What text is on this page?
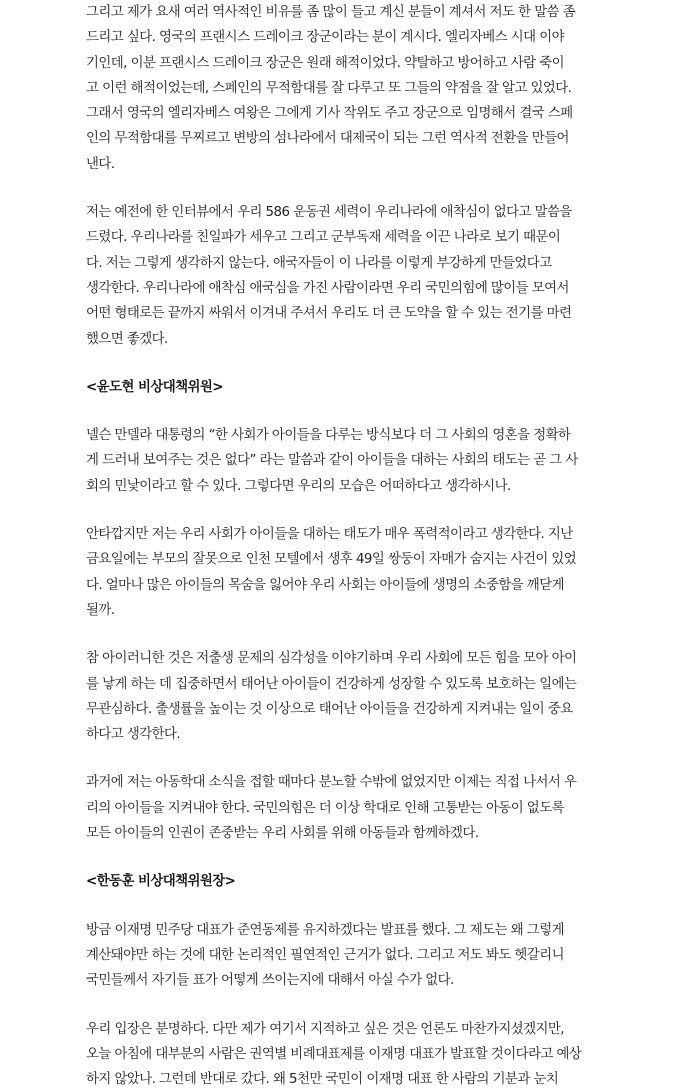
그리고 제가 요새 여러 역사적인 비유를 좀 많이 들고 계신 분들이 계셔서 저도 한 말씀 좀
드리고 싶다. 영국의 프랜시스 드레이크 장군이라는 분이 계시다. 엘리자베스 시대 이야
기인데, 이분 프랜시스 드레이크 장군은 원래 해적이었다. 약탈하고 방어하고 사람 죽이
고 이런 해적이었는데, 스페인의 무적함대를 잘 다루고 또 그들의 약점을 잘 알고 있었다.
그래서 영국의 엘리자베스 여왕은 그에게 기사 작위도 주고 장군으로 임명해서 결국 스페
인의 무적함대를 무찌르고 변방의 섬나라에서 대제국이 되는 그런 역사적 전환을 만들어
낸다.
저는 예전에 한 인터뷰에서 우리 586 운동권 세력이 우리나라에 애착심이 없다고 말씀을
드렸다. 우리나라를 친일파가 세우고 그리고 군부독재 세력을 이끈 나라로 보기 때문이
다. 저는 그렇게 생각하지 않는다. 애국자들이 이 나라를 이렇게 부강하게 만들었다고
생각한다. 우리나라에 애착심 애국심을 가진 사람이라면 우리 국민의힘에 많이들 모여서
어떤 형태로든 끝까지 싸워서 이겨내 주셔서 우리도 더 큰 도약을 할 수 있는 전기를 마련
했으면 좋겠다.
<윤도현 비상대책위원>
넬슨 만델라 대통령의 “한 사회가 아이들을 다루는 방식보다 더 그 사회의 영혼을 정확하
게 드러내 보여주는 것은 없다” 라는 말씀과 같이 아이들을 대하는 사회의 태도는 곧 그 사
회의 민낯이라고 할 수 있다. 그렇다면 우리의 모습은 어떠하다고 생각하시나.
안타깝지만 저는 우리 사회가 아이들을 대하는 태도가 매우 폭력적이라고 생각한다. 지난
금요일에는 부모의 잘못으로 인천 모텔에서 생후 49일 쌍둥이 자매가 숨지는 사건이 있었
다. 얼마나 많은 아이들의 목숨을 잃어야 우리 사회는 아이들에 생명의 소중함을 깨닫게
될까.
참 아이러니한 것은 저출생 문제의 심각성을 이야기하며 우리 사회에 모든 힘을 모아 아이
를 낳게 하는 데 집중하면서 태어난 아이들이 건강하게 성장할 수 있도록 보호하는 일에는
무관심하다. 출생률을 높이는 것 이상으로 태어난 아이들을 건강하게 지켜내는 일이 중요
하다고 생각한다.
과거에 저는 아동학대 소식을 접할 때마다 분노할 수밖에 없었지만 이제는 직접 나서서 우
리의 아이들을 지켜내야 한다. 국민의힘은 더 이상 학대로 인해 고통받는 아동이 없도록
모든 아이들의 인권이 존중받는 우리 사회를 위해 아동들과 함께하겠다.
<한동훈 비상대책위원장>
방금 이재명 민주당 대표가 준연동제를 유지하겠다는 발표를 했다. 그 제도는 왜 그렇게
계산돼야만 하는 것에 대한 논리적인 필연적인 근거가 없다. 그리고 저도 봐도 헷갈리니
국민들께서 자기들 표가 어떻게 쓰이는지에 대해서 아실 수가 없다.
우리 입장은 분명하다. 다만 제가 여기서 지적하고 싶은 것은 언론도 마찬가지셨겠지만,
오늘 아침에 대부분의 사람은 권역별 비례대표제를 이재명 대표가 발표할 것이다라고 예상
하지 않았나. 그런데 반대로 갔다. 왜 5천만 국민이 이재명 대표 한 사람의 기분과 눈치
